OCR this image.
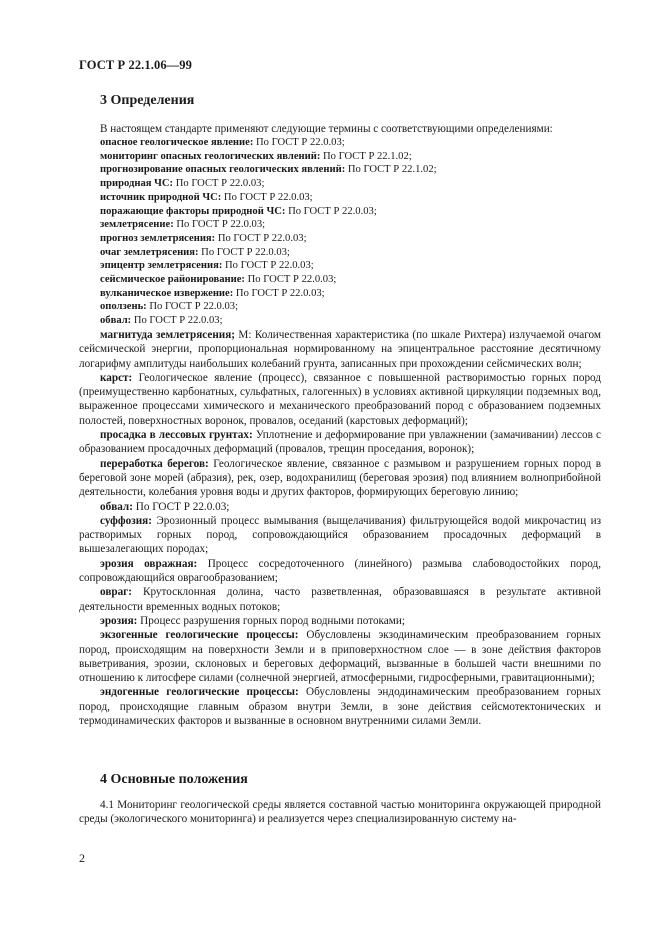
ГОСТ Р 22.1.06—99
3 Определения

В настоящем стандарте применяют следующие термины с соответствующими определениями:

опасное геологическое явление: По ГОСТ Р 22.0.03;
мониторинг опасных геологических явлений: По ГОСТ Р 22.1.02;
прогнозирование опасных геологических явлений: По ГОСТ Р 22.1.02;
природная ЧС: По ГОСТ Р 22.0.03;
источник природной ЧС: По ГОСТ Р 22.0.03;
поражающие факторы природной ЧС: По ГОСТ Р 22.0.03;
землетрясение: По ГОСТ Р 22.0.03;
прогноз землетрясения: По ГОСТ Р 22.0.03;
очаг землетрясения: По ГОСТ Р 22.0.03;
эпицентр землетрясения: По ГОСТ Р 22.0.03;
сейсмическое районирование: По ГОСТ Р 22.0.03;
вулканическое извержение: По ГОСТ Р 22.0.03;
оползень: По ГОСТ Р 22.0.03;
обвал: По ГОСТ Р 22.0.03;

магнитуда землетрясения; М: Количественная характеристика (по шкале Рихтера) излучаемой очагом сейсмической энергии, пропорциональная нормированному на эпицентральное расстояние десятичному логарифму амплитуды наибольших колебаний грунта, записанных при прохождении сейсмических волн;

карст: Геологическое явление (процесс), связанное с повышенной растворимостью горных пород (преимущественно карбонатных, сульфатных, галогенных) в условиях активной циркуляции подземных вод, выраженное процессами химического и механического преобразований пород с образованием подземных полостей, поверхностных воронок, провалов, оседаний (карстовых деформаций);

просадка в лессовых грунтах: Уплотнение и деформирование при увлажнении (замачивании) лессов с образованием просадочных деформаций (провалов, трещин проседания, воронок);

переработка берегов: Геологическое явление, связанное с размывом и разрушением горных пород в береговой зоне морей (абразия), рек, озер, водохранилищ (береговая эрозия) под влиянием волноприбойной деятельности, колебания уровня воды и других факторов, формирующих береговую линию;

обвал: По ГОСТ Р 22.0.03;

суффозия: Эрозионный процесс вымывания (выщелачивания) фильтрующейся водой микрочастиц из растворимых горных пород, сопровождающийся образованием просадочных деформаций в вышезалегающих породах;

эрозия овражная: Процесс сосредоточенного (линейного) размыва слабоводостойких пород, сопровождающийся оврагообразованием;

овраг: Крутосклонная долина, часто разветвленная, образовавшаяся в результате активной деятельности временных водных потоков;

эрозия: Процесс разрушения горных пород водными потоками;

экзогенные геологические процессы: Обусловлены экзодинамическим преобразованием горных пород, происходящим на поверхности Земли и в приповерхностном слое — в зоне действия факторов выветривания, эрозии, склоновых и береговых деформаций, вызванные в большей части внешними по отношению к литосфере силами (солнечной энергией, атмосферными, гидросферными, гравитационными);

эндогенные геологические процессы: Обусловлены эндодинамическим преобразованием горных пород, происходящие главным образом внутри Земли, в зоне действия сейсмотектонических и термодинамических факторов и вызванные в основном внутренними силами Земли.

4 Основные положения

4.1 Мониторинг геологической среды является составной частью мониторинга окружающей природной среды (экологического мониторинга) и реализуется через специализированную систему на-

2
